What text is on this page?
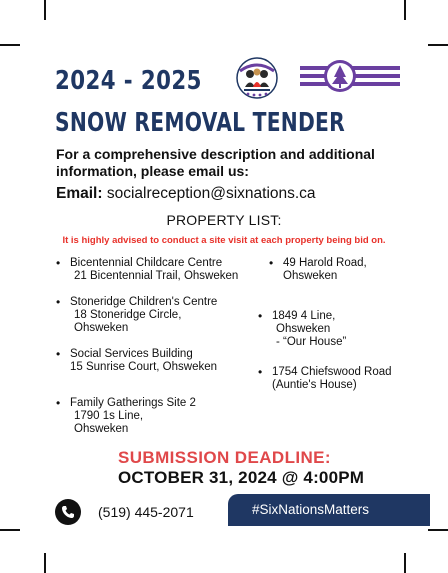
2024 - 2025
SNOW REMOVAL TENDER
For a comprehensive description and additional information, please email us:
Email: socialreception@sixnations.ca
PROPERTY LIST:
It is highly advised to conduct a site visit at each property being bid on.
• Bicentennial Childcare Centre
21 Bicentennial Trail, Ohsweken
• Stoneridge Children's Centre
18 Stoneridge Circle,
Ohsweken
• Social Services Building
15 Sunrise Court, Ohsweken
• Family Gatherings Site 2
1790 1s Line,
Ohsweken
• 49 Harold Road,
Ohsweken
• 1849 4 Line,
Ohsweken
- “Our House”
• 1754 Chiefswood Road
(Auntie's House)
SUBMISSION DEADLINE:
OCTOBER 31, 2024 @ 4:00PM
(519) 445-2071	#SixNationsMatters
